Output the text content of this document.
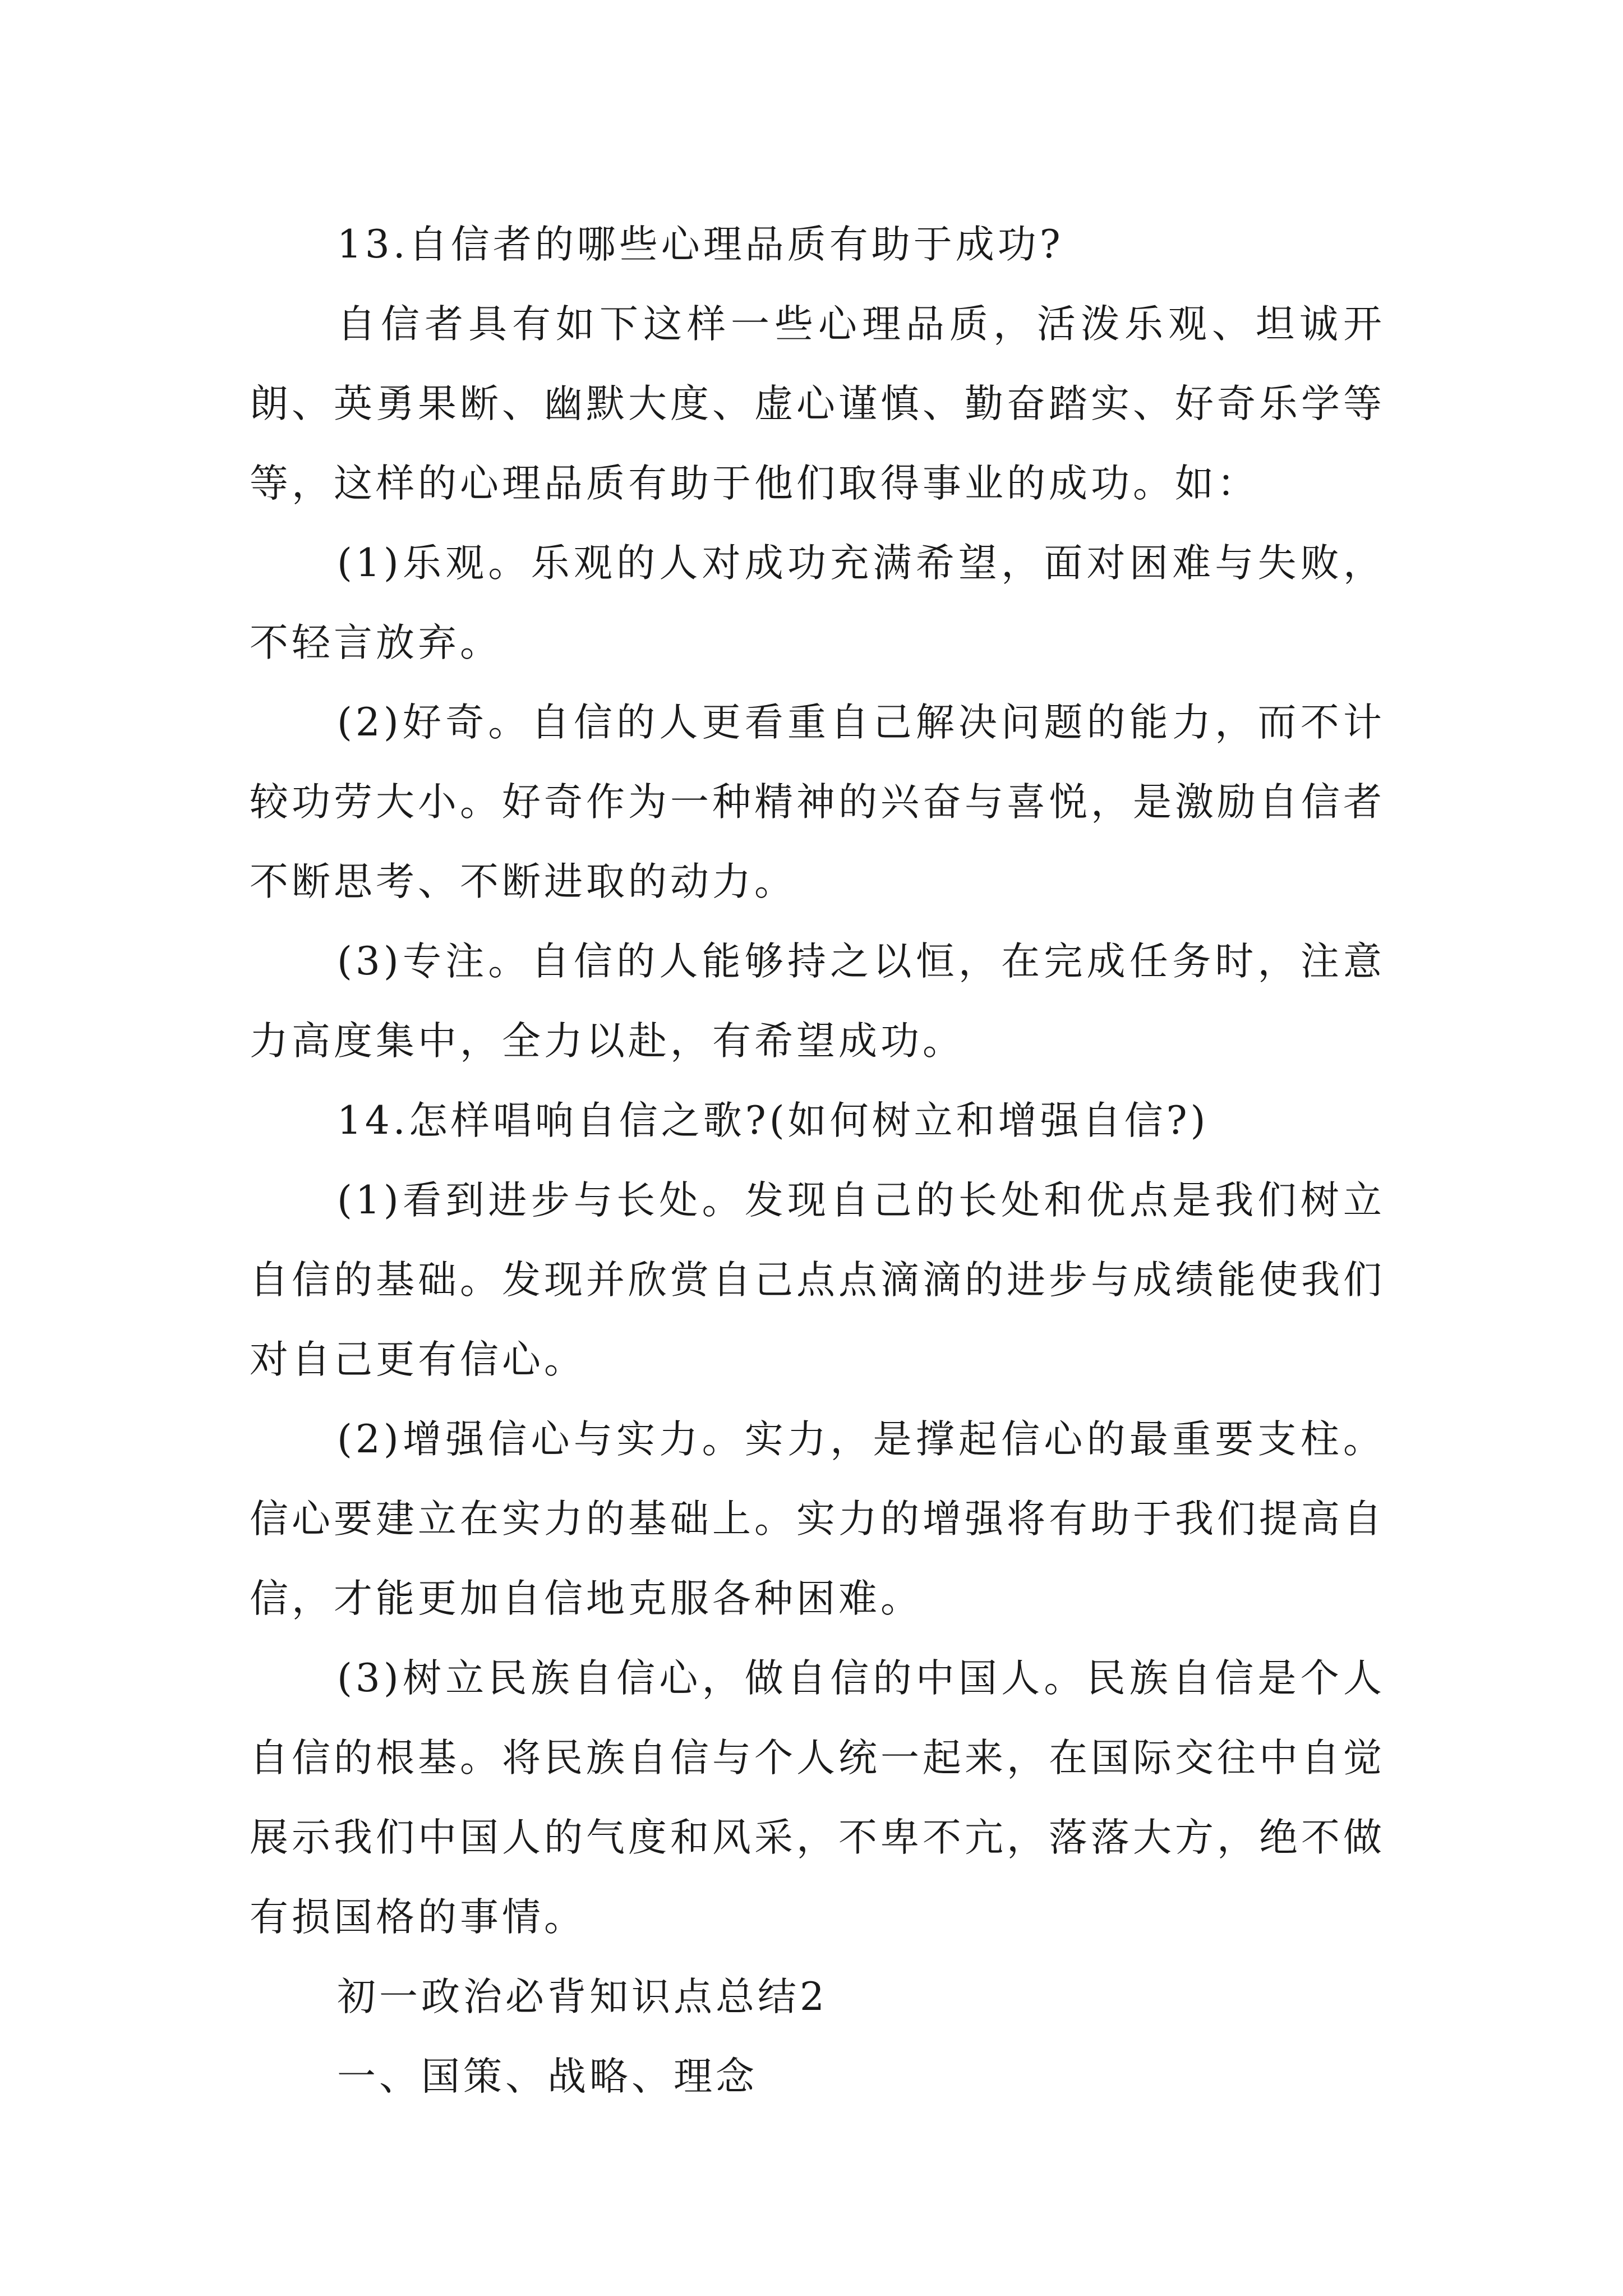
13.自信者的哪些心理品质有助于成功?

自信者具有如下这样一些心理品质，活泼乐观、坦诚开朗、英勇果断、幽默大度、虚心谨慎、勤奋踏实、好奇乐学等等，这样的心理品质有助于他们取得事业的成功。如：

(1)乐观。乐观的人对成功充满希望，面对困难与失败，不轻言放弃。

(2)好奇。自信的人更看重自己解决问题的能力，而不计较功劳大小。好奇作为一种精神的兴奋与喜悦，是激励自信者不断思考、不断进取的动力。

(3)专注。自信的人能够持之以恒，在完成任务时，注意力高度集中，全力以赴，有希望成功。

14.怎样唱响自信之歌?(如何树立和增强自信?)

(1)看到进步与长处。发现自己的长处和优点是我们树立自信的基础。发现并欣赏自己点点滴滴的进步与成绩能使我们对自己更有信心。

(2)增强信心与实力。实力，是撑起信心的最重要支柱。信心要建立在实力的基础上。实力的增强将有助于我们提高自信，才能更加自信地克服各种困难。

(3)树立民族自信心，做自信的中国人。民族自信是个人自信的根基。将民族自信与个人统一起来，在国际交往中自觉展示我们中国人的气度和风采，不卑不亢，落落大方，绝不做有损国格的事情。

初一政治必背知识点总结2

一、国策、战略、理念
